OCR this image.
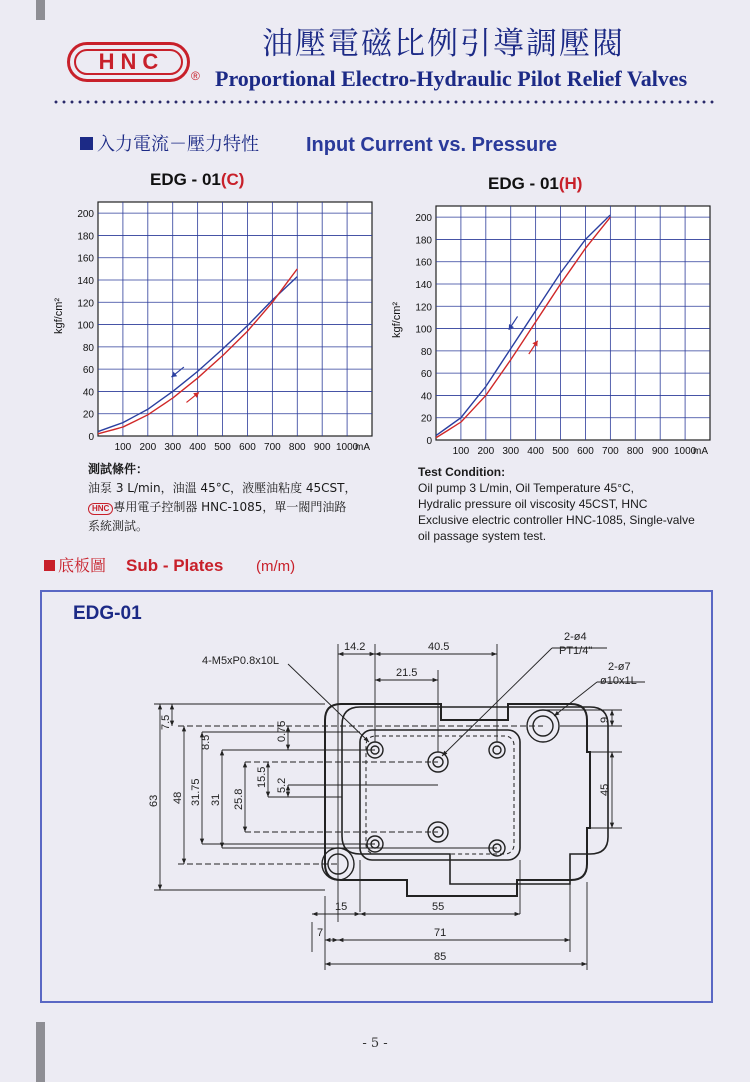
HNC
®
油壓電磁比例引導調壓閥
Proportional Electro-Hydraulic Pilot Relief Valves
入力電流－壓力特性 Input Current vs. Pressure
EDG - 01(C)	EDG - 01(H)
100 200 300 400 500 600 700 800 900 1000
mA
0
20
40
60
80
100
120
140
160
180
200
kgf/cm²
100 200 300 400 500 600 700 800 900 1000
mA
0
20
40
60
80
100
120
140
160
180
200
kgf/cm²
測試條件：
油泵 3 L/min，油溫 45°C，液壓油粘度 45CST，
HNC 專用電子控制器 HNC-1085，單一閥門油路
系統測試。
Test Condition:
Oil pump 3 L/min, Oil Temperature 45°C,
Hydralic pressure oil viscosity 45CST, HNC
Exclusive electric controller HNC-1085, Single-valve
oil passage system test.
底板圖 Sub - Plates (m/m)
EDG-01
4-M5xP0.8x10L
2-ø4
PT1/4"
2-ø7
ø10x1L
14.2	40.5
21.5
7.5
8.5
0.75
63 48 31.75 31 25.8
15.5 5.2
9
45
15	55
7	71
85
- 5 -
